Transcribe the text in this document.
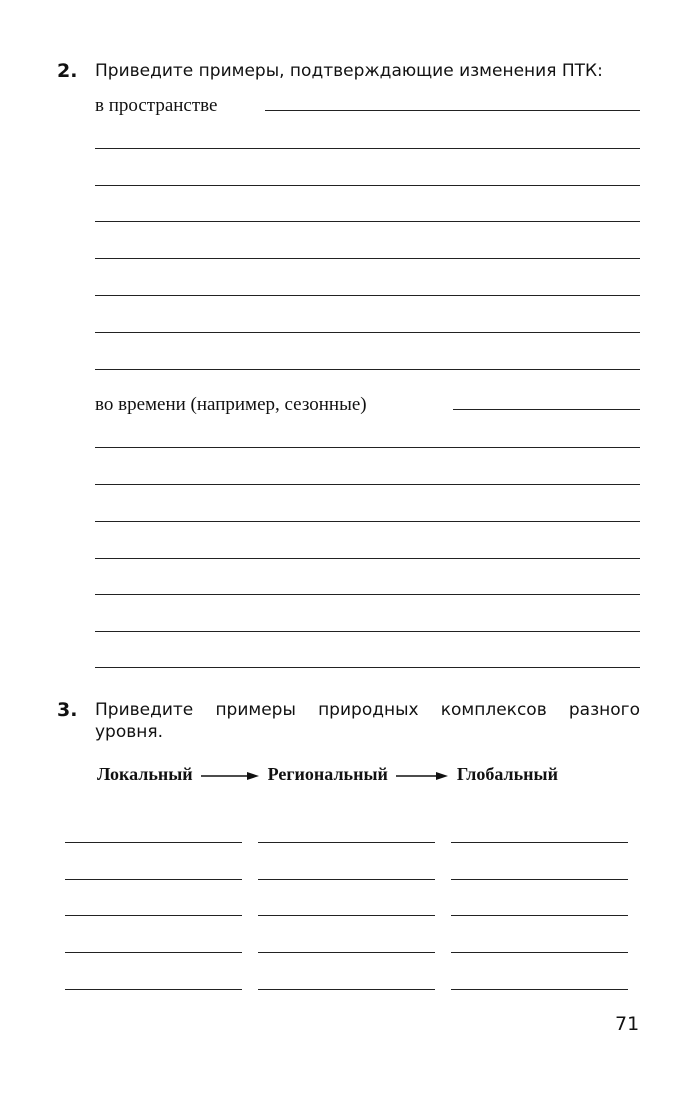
2. Приведите примеры, подтверждающие изменения ПТК:
в пространстве
во времени (например, сезонные)
3. Приведите примеры природных комплексов разного
уровня.
Локальный	Региональный	Глобальный
71
